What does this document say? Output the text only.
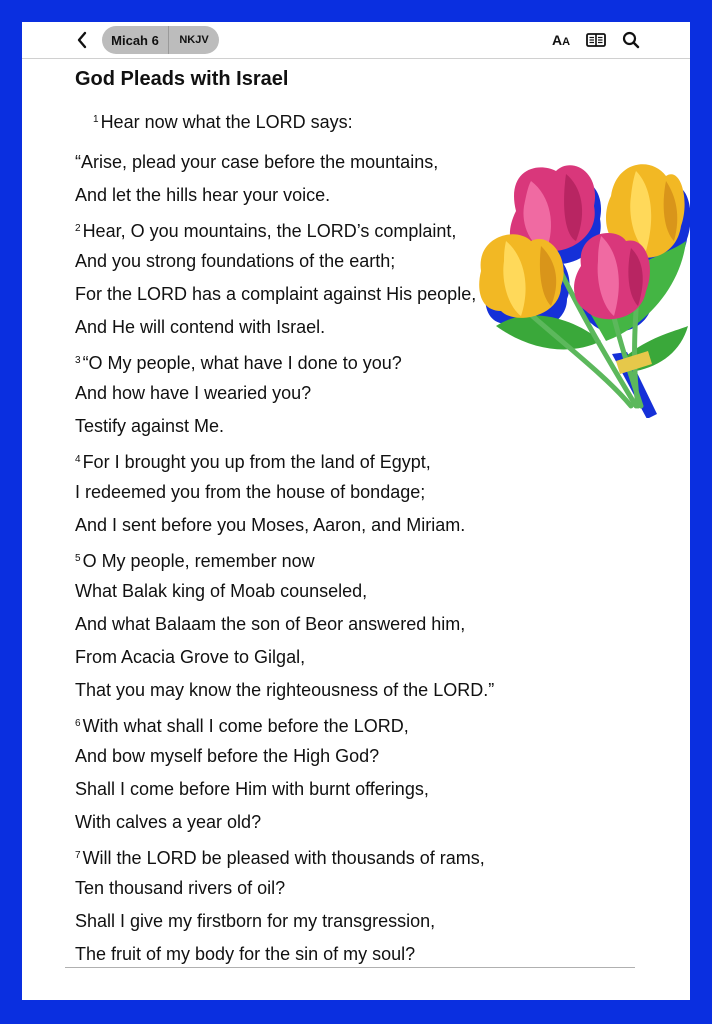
Micah 6	NKJV	AA
God Pleads with Israel
$^1$ Hear now what the LORD says:
“Arise, plead your case before the mountains,
And let the hills hear your voice.
$^2$ Hear, O you mountains, the LORD’s complaint,
And you strong foundations of the earth;
For the LORD has a complaint against His people,
And He will contend with Israel.
$^3$ “O My people, what have I done to you?
And how have I wearied you?
Testify against Me.
$^4$ For I brought you up from the land of Egypt,
I redeemed you from the house of bondage;
And I sent before you Moses, Aaron, and Miriam.
$^5$ O My people, remember now
What Balak king of Moab counseled,
And what Balaam the son of Beor answered him,
From Acacia Grove to Gilgal,
That you may know the righteousness of the LORD.”
$^6$ With what shall I come before the LORD,
And bow myself before the High God?
Shall I come before Him with burnt offerings,
With calves a year old?
$^7$ Will the LORD be pleased with thousands of rams,
Ten thousand rivers of oil?
Shall I give my firstborn for my transgression,
The fruit of my body for the sin of my soul?
